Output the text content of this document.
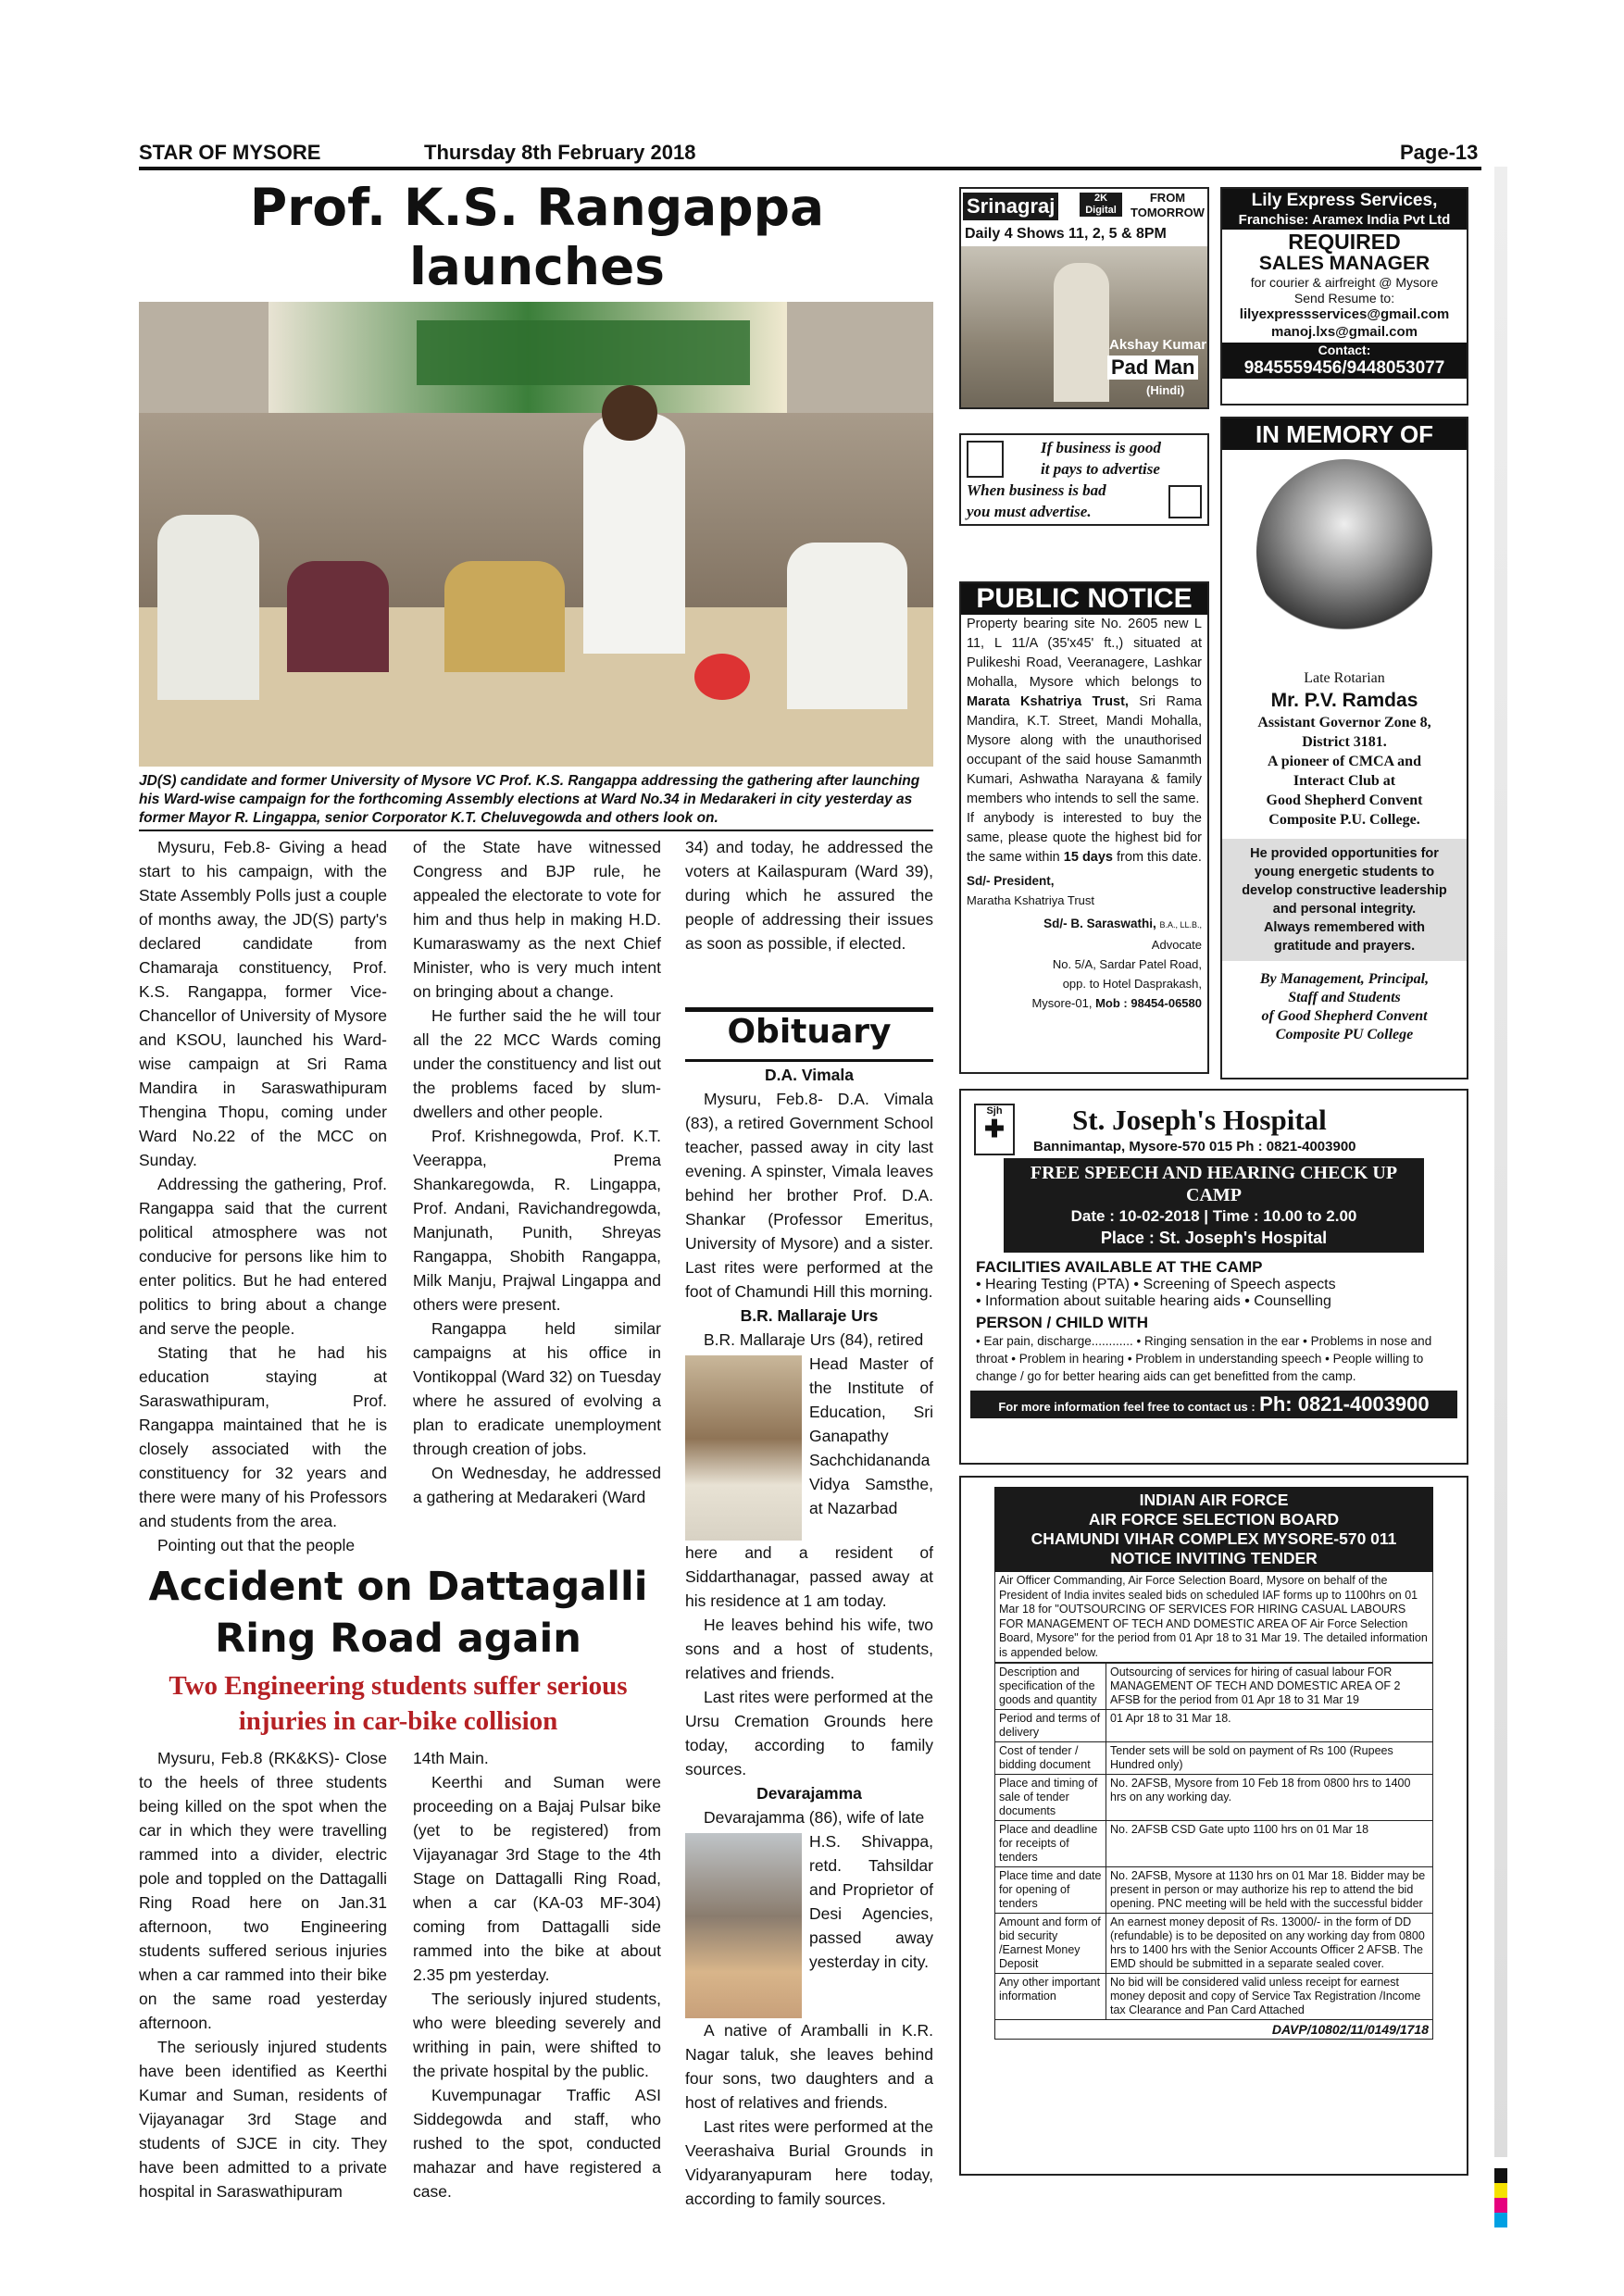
STAR OF MYSORE	Thursday 8th February 2018	Page-13
Prof. K.S. Rangappa launches
JD(S) candidate and former University of Mysore VC Prof. K.S. Rangappa addressing the gathering after launching his Ward-wise campaign for the forthcoming Assembly elections at Ward No.34 in Medarakeri in city yesterday as former Mayor R. Lingappa, senior Corporator K.T. Cheluvegowda and others look on.

Mysuru, Feb.8- Giving a head start to his campaign, with the State Assembly Polls just a couple of months away, the JD(S) party's declared candidate from Chamaraja constituency, Prof. K.S. Rangappa, former Vice-Chancellor of University of Mysore and KSOU, launched his Ward-wise campaign at Sri Rama Mandira in Saraswathipuram Thengina Thopu, coming under Ward No.22 of the MCC on Sunday.

Addressing the gathering, Prof. Rangappa said that the current political atmosphere was not conducive for persons like him to enter politics. But he had entered politics to bring about a change and serve the people.

Stating that he had his education staying at Saraswathipuram, Prof. Rangappa maintained that he is closely associated with the constituency for 32 years and there were many of his Professors and students from the area.

Pointing out that the people

of the State have witnessed Congress and BJP rule, he appealed the electorate to vote for him and thus help in making H.D. Kumaraswamy as the next Chief Minister, who is very much intent on bringing about a change.

He further said the he will tour all the 22 MCC Wards coming under the constituency and list out the problems faced by slum-dwellers and other people.

Prof. Krishnegowda, Prof. K.T. Veerappa, Prema Shankaregowda, R. Lingappa, Prof. Andani, Ravichandregowda, Manjunath, Punith, Shreyas Rangappa, Shobith Rangappa, Milk Manju, Prajwal Lingappa and others were present.

Rangappa held similar campaigns at his office in Vontikoppal (Ward 32) on Tuesday where he assured of evolving a plan to eradicate unemployment through creation of jobs.

On Wednesday, he addressed a gathering at Medarakeri (Ward

34) and today, he addressed the voters at Kailaspuram (Ward 39), during which he assured the people of addressing their issues as soon as possible, if elected.

Obituary

D.A. Vimala

Mysuru, Feb.8- D.A. Vimala (83), a retired Government School teacher, passed away in city last evening. A spinster, Vimala leaves behind her brother Prof. D.A. Shankar (Professor Emeritus, University of Mysore) and a sister. Last rites were performed at the foot of Chamundi Hill this morning.

B.R. Mallaraje Urs

B.R. Mallaraje Urs (84), retired

Head Master of the Institute of Education, Sri Ganapathy Sachchidananda Vidya Samsthe, at Nazarbad

here and a resident of Siddarthanagar, passed away at his residence at 1 am today.

He leaves behind his wife, two sons and a host of students, relatives and friends.

Last rites were performed at the Ursu Cremation Grounds here today, according to family sources.

Devarajamma

Devarajamma (86), wife of late

H.S. Shivappa, retd. Tahsildar and Proprietor of Desi Agencies, passed away yesterday in city.

A native of Aramballi in K.R. Nagar taluk, she leaves behind four sons, two daughters and a host of relatives and friends.

Last rites were performed at the Veerashaiva Burial Grounds in Vidyaranyapuram here today, according to family sources.

Accident on Dattagalli
Ring Road again
Two Engineering students suffer serious injuries in car-bike collision

Mysuru, Feb.8 (RK&KS)- Close to the heels of three students being killed on the spot when the car in which they were travelling rammed into a divider, electric pole and toppled on the Dattagalli Ring Road here on Jan.31 afternoon, two Engineering students suffered serious injuries when a car rammed into their bike on the same road yesterday afternoon.

The seriously injured students have been identified as Keerthi Kumar and Suman, residents of Vijayanagar 3rd Stage and students of SJCE in city. They have been admitted to a private hospital in Saraswathipuram

14th Main.

Keerthi and Suman were proceeding on a Bajaj Pulsar bike (yet to be registered) from Vijayanagar 3rd Stage to the 4th Stage on Dattagalli Ring Road, when a car (KA-03 MF-304) coming from Dattagalli side rammed into the bike at about 2.35 pm yesterday.

The seriously injured students, who were bleeding severely and writhing in pain, were shifted to the private hospital by the public.

Kuvempunagar Traffic ASI Siddegowda and staff, who rushed to the spot, conducted mahazar and have registered a case.

Srinagraj	2K Digital
FROM TOMORROW
Daily 4 Shows 11, 2, 5 & 8PM
Akshay Kumar
Pad Man
(Hindi)
Lily Express Services,
Franchise: Aramex India Pvt Ltd
REQUIRED
SALES MANAGER
for courier & airfreight @ Mysore
Send Resume to:
lilyexpressservices@gmail.com
manoj.lxs@gmail.com
Contact:
9845559456/9448053077
If business is good
it pays to advertise
When business is bad
you must advertise.
PUBLIC NOTICE
Property bearing site No. 2605 new L 11, L 11/A (35'x45' ft.,) situated at Pulikeshi Road, Veeranagere, Lashkar Mohalla, Mysore which belongs to Marata Kshatriya Trust, Sri Rama Mandira, K.T. Street, Mandi Mohalla, Mysore along with the unauthorised occupant of the said house Samanmth Kumari, Ashwatha Narayana & family members who intends to sell the same.
If anybody is interested to buy the same, please quote the highest bid for the same within 15 days from this date.
Sd/- President,
Maratha Kshatriya Trust
Sd/- B. Saraswathi, B.A., LL.B.,
Advocate
No. 5/A, Sardar Patel Road,
opp. to Hotel Dasprakash,
Mysore-01, Mob : 98454-06580
IN MEMORY OF
Late Rotarian
Mr. P.V. Ramdas
Assistant Governor Zone 8,
District 3181.
A pioneer of CMCA and
Interact Club at
Good Shepherd Convent
Composite P.U. College.
He provided opportunities for
young energetic students to
develop constructive leadership
and personal integrity.
Always remembered with
gratitude and prayers.
By Management, Principal,
Staff and Students
of Good Shepherd Convent
Composite PU College
Sjh
✚ St. Joseph's Hospital
Bannimantap, Mysore-570 015 Ph : 0821-4003900
FREE SPEECH AND HEARING CHECK UP CAMP
Date : 10-02-2018 | Time : 10.00 to 2.00
Place : St. Joseph's Hospital
FACILITIES AVAILABLE AT THE CAMP
• Hearing Testing (PTA) • Screening of Speech aspects
• Information about suitable hearing aids • Counselling
PERSON / CHILD WITH
• Ear pain, discharge............ • Ringing sensation in the ear • Problems in nose and throat • Problem in hearing • Problem in understanding speech • People willing to change / go for better hearing aids can get benefitted from the camp.
For more information feel free to contact us : Ph: 0821-4003900
INDIAN AIR FORCE
AIR FORCE SELECTION BOARD
CHAMUNDI VIHAR COMPLEX MYSORE-570 011
NOTICE INVITING TENDER
Air Officer Commanding, Air Force Selection Board, Mysore on behalf of the President of India invites sealed bids on scheduled IAF forms up to 1100hrs on 01 Mar 18 for "OUTSOURCING OF SERVICES FOR HIRING CASUAL LABOURS FOR MANAGEMENT OF TECH AND DOMESTIC AREA OF Air Force Selection Board, Mysore" for the period from 01 Apr 18 to 31 Mar 19. The detailed information is appended below.
Description and specification of the goods and quantity	Outsourcing of services for hiring of casual labour FOR MANAGEMENT OF TECH AND DOMESTIC AREA OF 2 AFSB for the period from 01 Apr 18 to 31 Mar 19
Period and terms of delivery	01 Apr 18 to 31 Mar 18.
Cost of tender / bidding document	Tender sets will be sold on payment of Rs 100 (Rupees Hundred only)
Place and timing of sale of tender documents	No. 2AFSB, Mysore from 10 Feb 18 from 0800 hrs to 1400 hrs on any working day.
Place and deadline for receipts of tenders	No. 2AFSB CSD Gate upto 1100 hrs on 01 Mar 18
Place time and date for opening of tenders	No. 2AFSB, Mysore at 1130 hrs on 01 Mar 18. Bidder may be present in person or may authorize his rep to attend the bid opening. PNC meeting will be held with the successful bidder
Amount and form of bid security /Earnest Money Deposit	An earnest money deposit of Rs. 13000/- in the form of DD (refundable) is to be deposited on any working day from 0800 hrs to 1400 hrs with the Senior Accounts Officer 2 AFSB. The EMD should be submitted in a separate sealed cover.
Any other important information	No bid will be considered valid unless receipt for earnest money deposit and copy of Service Tax Registration /Income tax Clearance and Pan Card Attached
DAVP/10802/11/0149/1718
